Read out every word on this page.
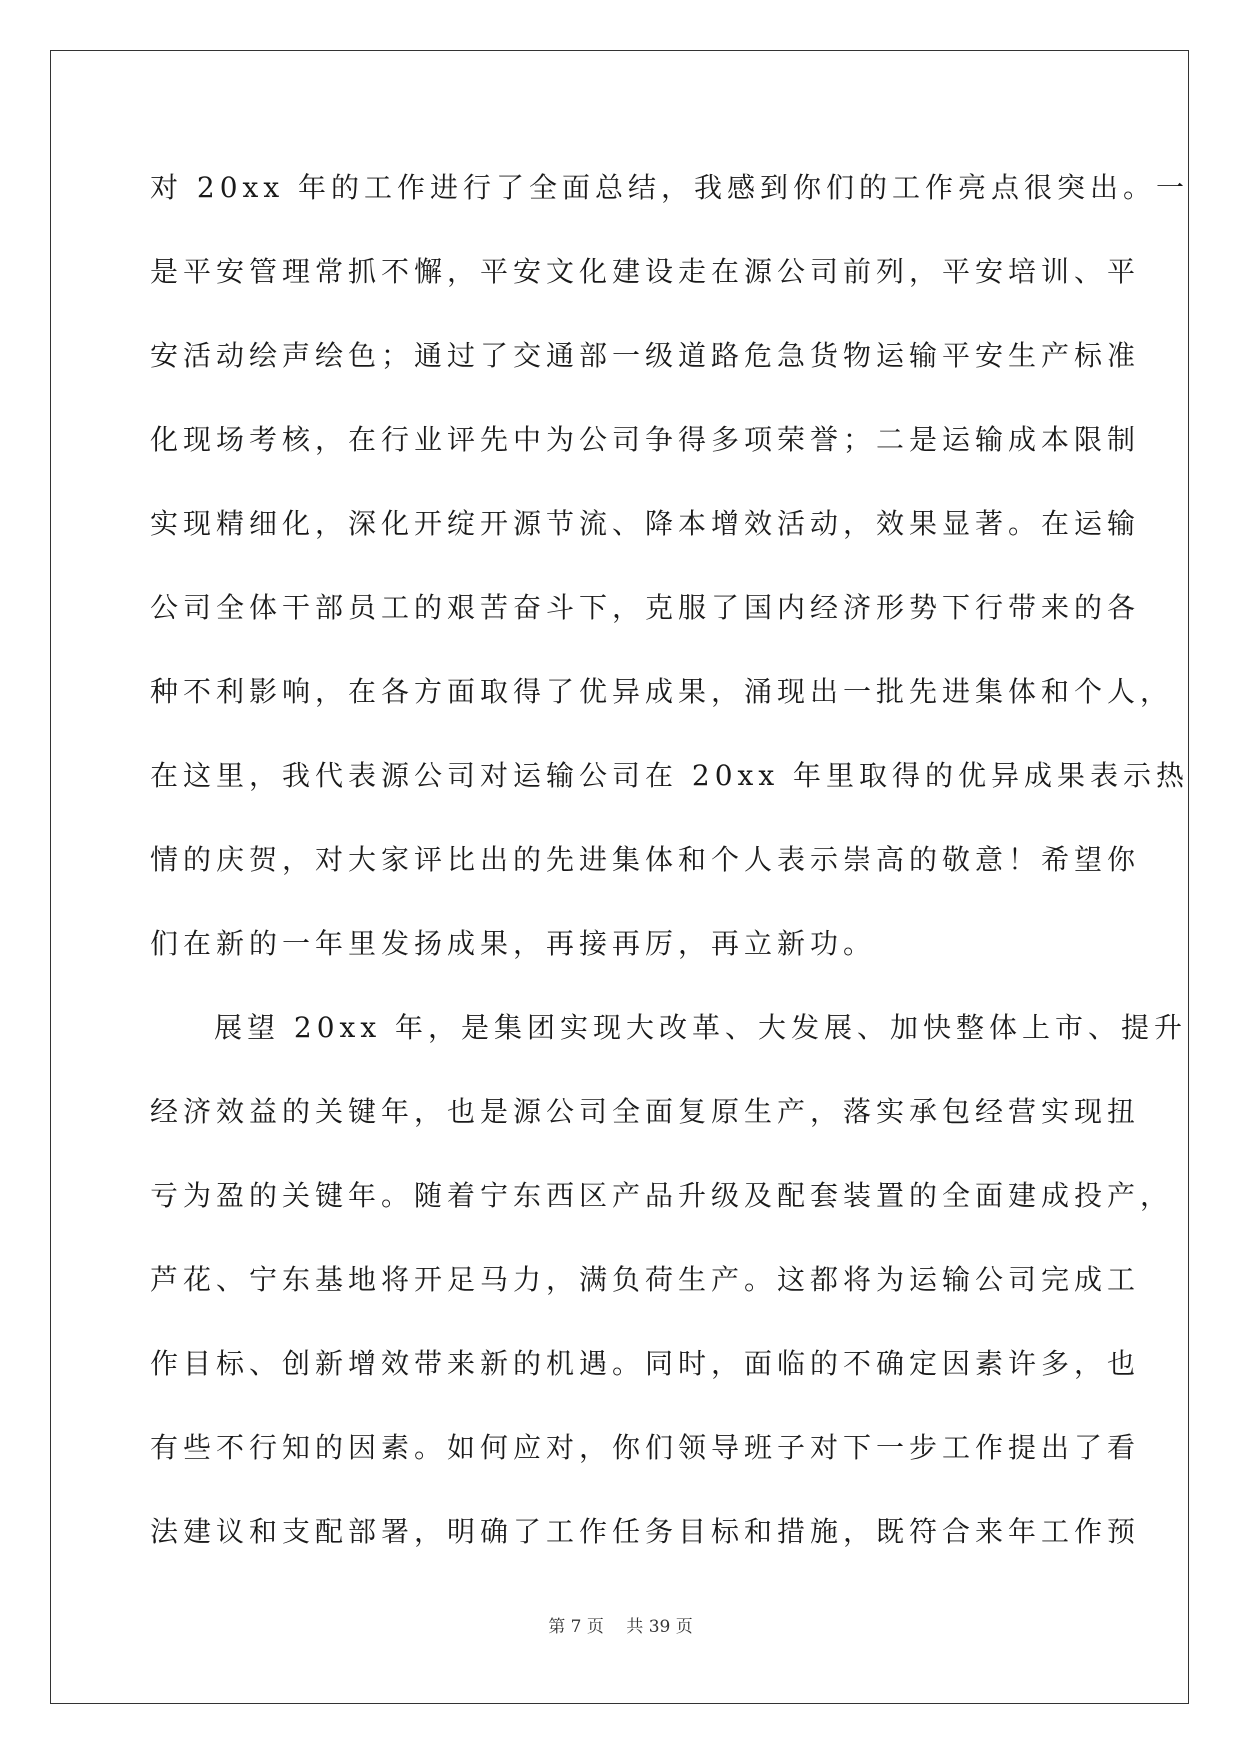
对 20xx 年的工作进行了全面总结，我感到你们的工作亮点很突出。一
是平安管理常抓不懈，平安文化建设走在源公司前列，平安培训、平
安活动绘声绘色；通过了交通部一级道路危急货物运输平安生产标准
化现场考核，在行业评先中为公司争得多项荣誉；二是运输成本限制
实现精细化，深化开绽开源节流、降本增效活动，效果显著。在运输
公司全体干部员工的艰苦奋斗下，克服了国内经济形势下行带来的各
种不利影响，在各方面取得了优异成果，涌现出一批先进集体和个人，
在这里，我代表源公司对运输公司在 20xx 年里取得的优异成果表示热
情的庆贺，对大家评比出的先进集体和个人表示崇高的敬意！希望你
们在新的一年里发扬成果，再接再厉，再立新功。
展望 20xx 年，是集团实现大改革、大发展、加快整体上市、提升
经济效益的关键年，也是源公司全面复原生产，落实承包经营实现扭
亏为盈的关键年。随着宁东西区产品升级及配套装置的全面建成投产，
芦花、宁东基地将开足马力，满负荷生产。这都将为运输公司完成工
作目标、创新增效带来新的机遇。同时，面临的不确定因素许多，也
有些不行知的因素。如何应对，你们领导班子对下一步工作提出了看
法建议和支配部署，明确了工作任务目标和措施，既符合来年工作预
第 7 页　 共 39 页
